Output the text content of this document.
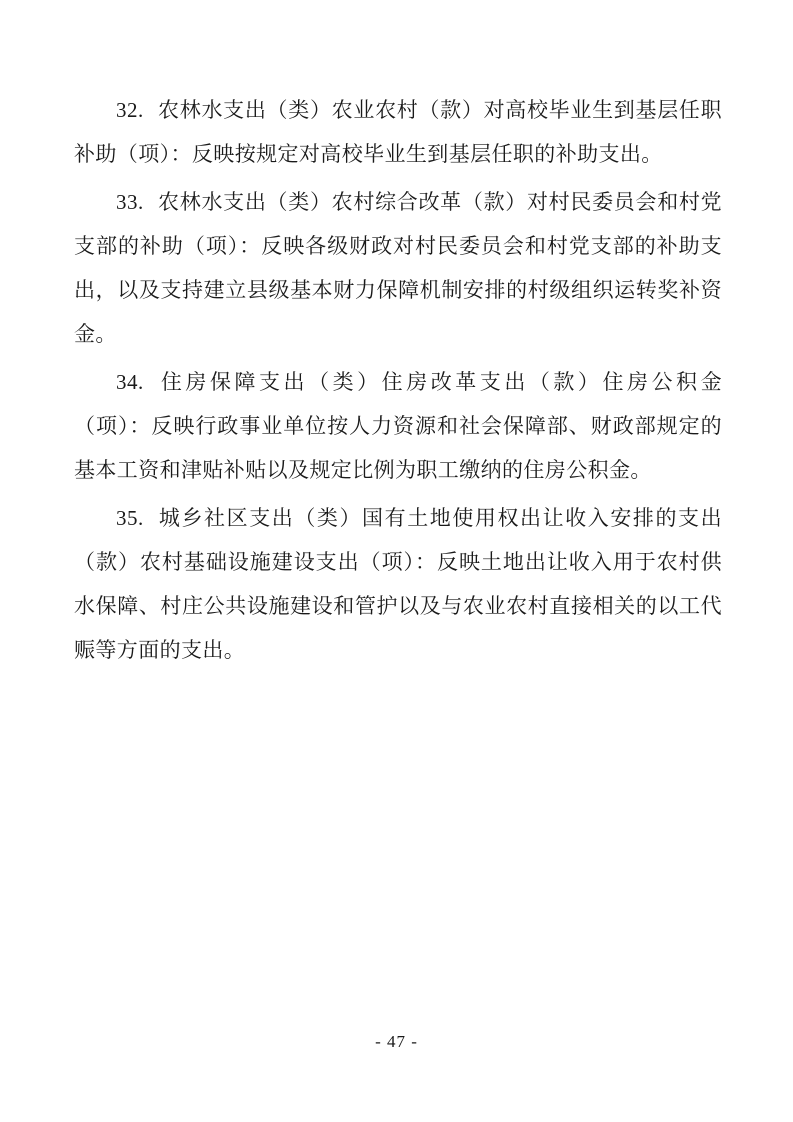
32. 农林水支出（类）农业农村（款）对高校毕业生到基层任职补助（项）：反映按规定对高校毕业生到基层任职的补助支出。

33. 农林水支出（类）农村综合改革（款）对村民委员会和村党支部的补助（项）：反映各级财政对村民委员会和村党支部的补助支出，以及支持建立县级基本财力保障机制安排的村级组织运转奖补资金。

34. 住房保障支出（类）住房改革支出（款）住房公积金（项）：反映行政事业单位按人力资源和社会保障部、财政部规定的基本工资和津贴补贴以及规定比例为职工缴纳的住房公积金。

35. 城乡社区支出（类）国有土地使用权出让收入安排的支出（款）农村基础设施建设支出（项）：反映土地出让收入用于农村供水保障、村庄公共设施建设和管护以及与农业农村直接相关的以工代赈等方面的支出。

- 47 -
